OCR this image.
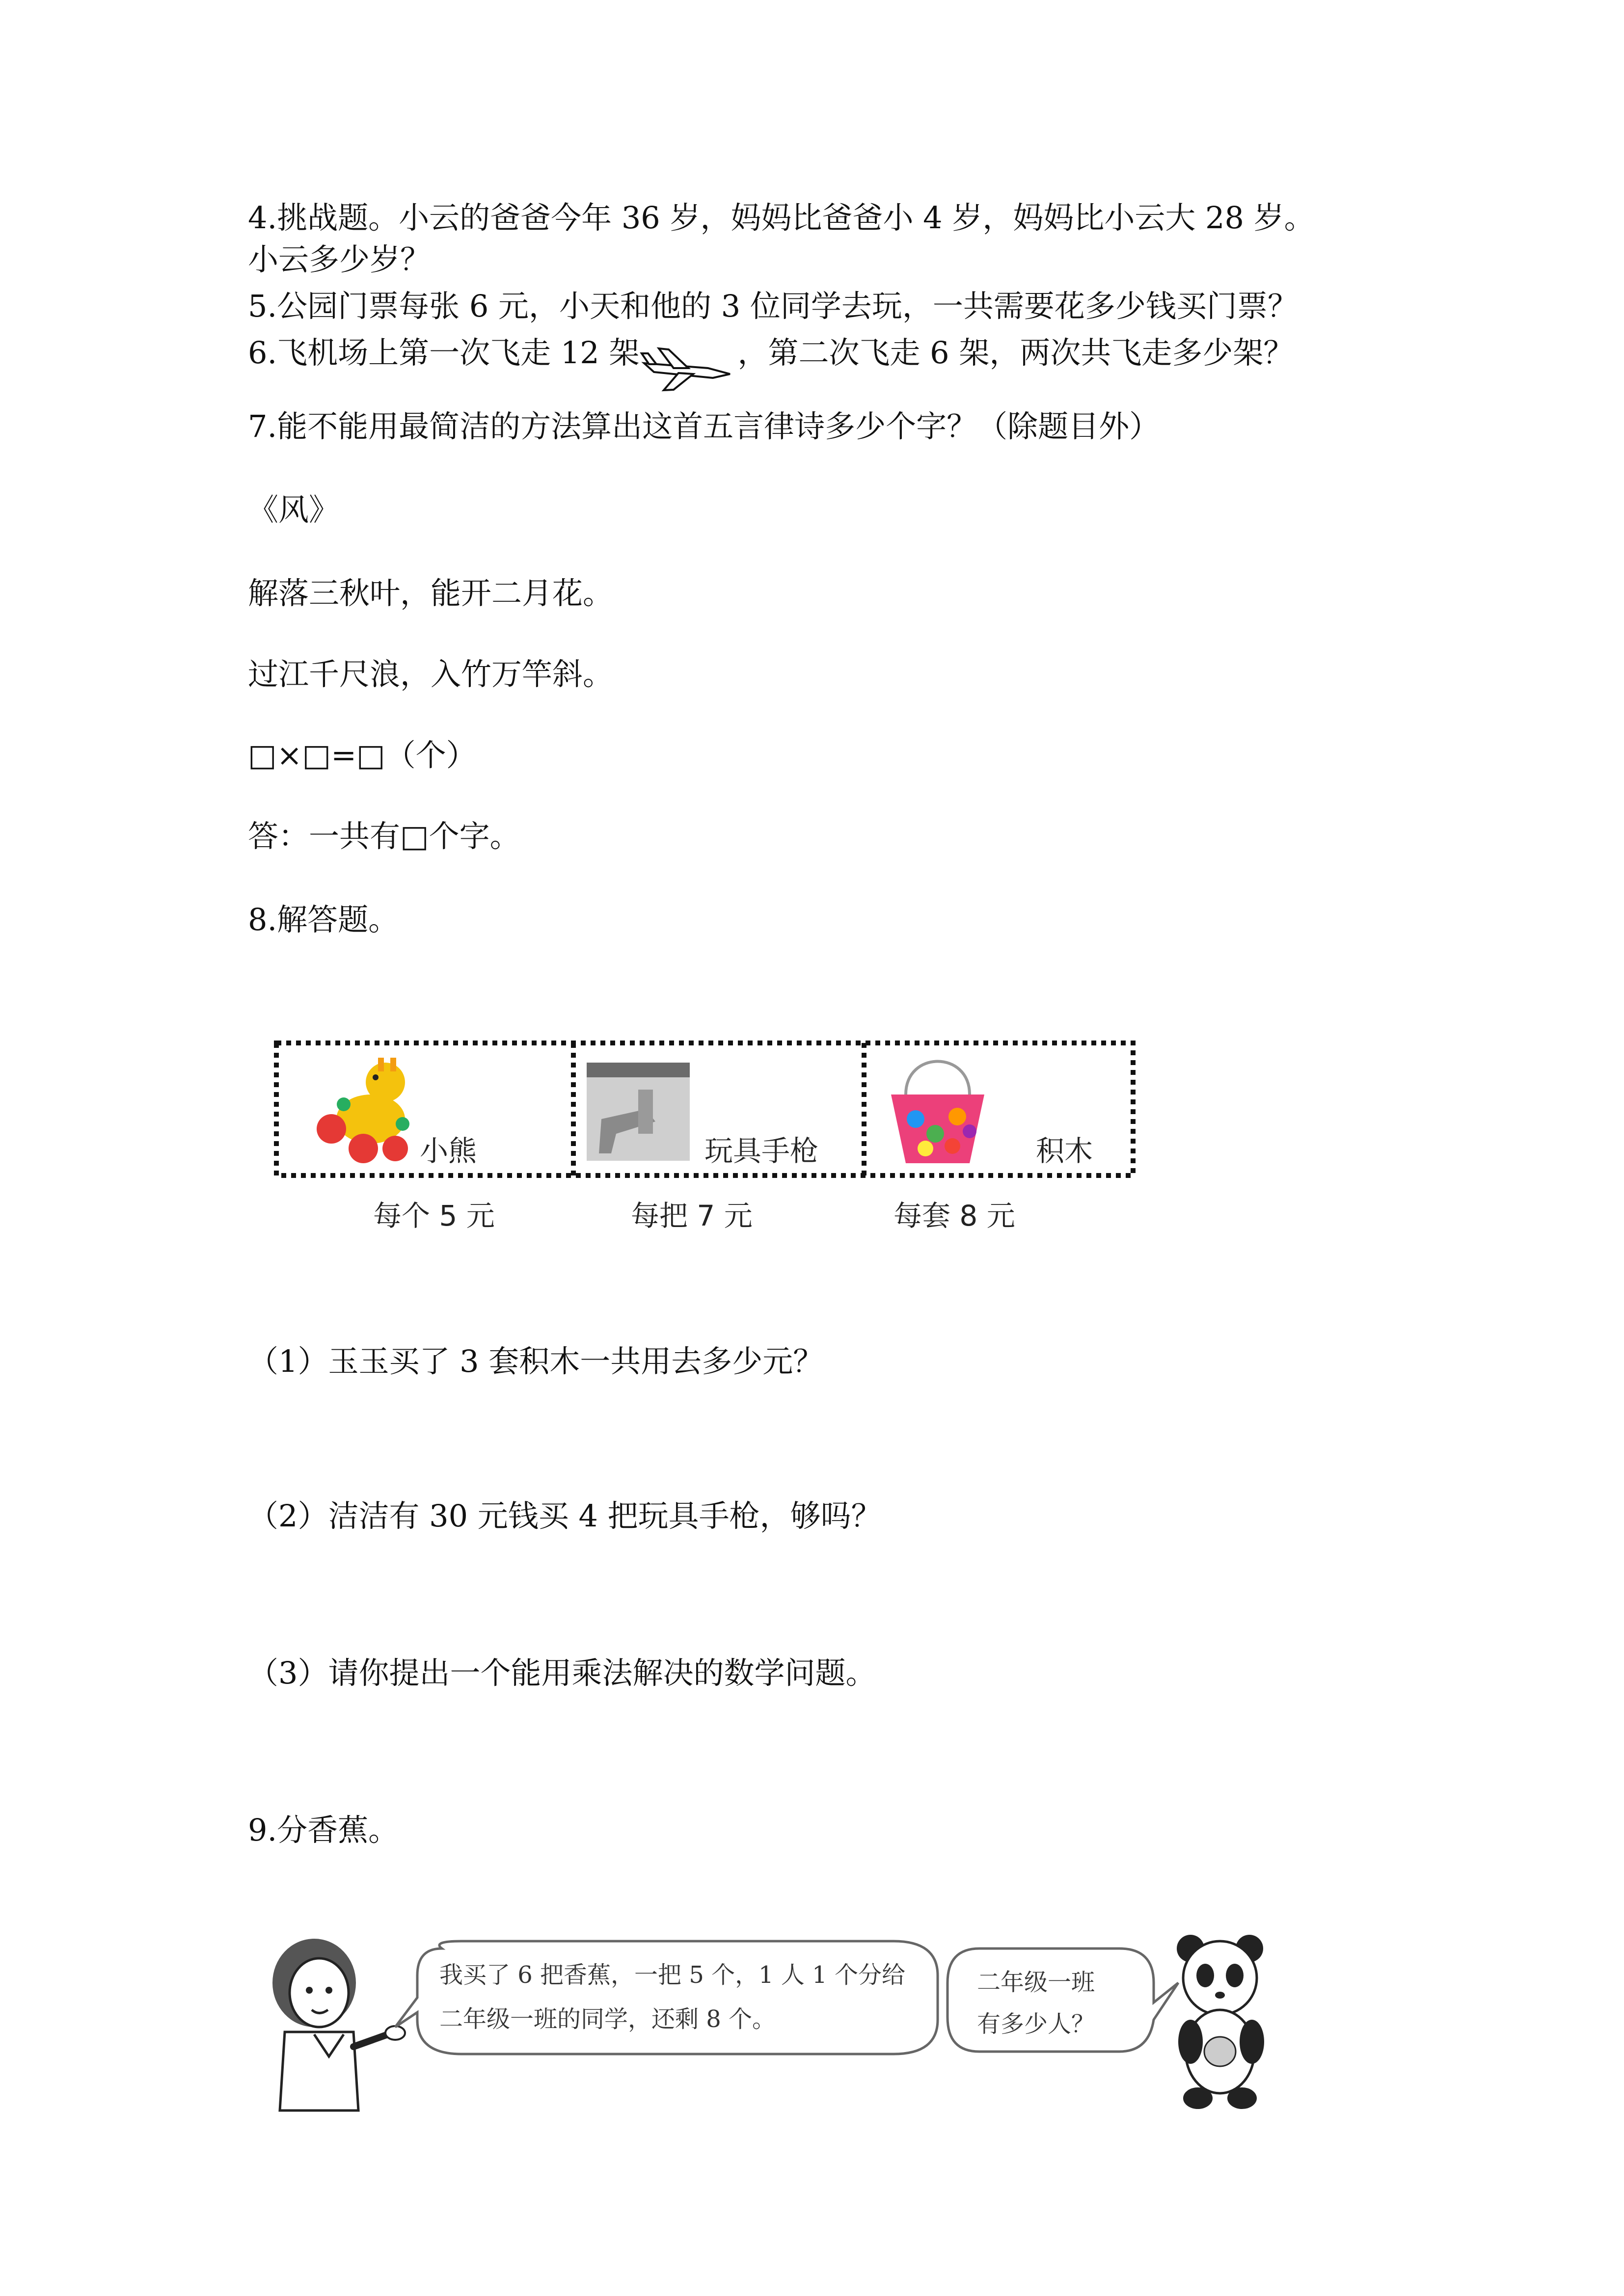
4.挑战题。小云的爸爸今年 36 岁，妈妈比爸爸小 4 岁，妈妈比小云大 28 岁。
小云多少岁？
5.公园门票每张 6 元，小天和他的 3 位同学去玩，一共需要花多少钱买门票？
6.飞机场上第一次飞走 12 架	，第二次飞走 6 架，两次共飞走多少架？
7.能不能用最简洁的方法算出这首五言律诗多少个字？（除题目外）
《风》
解落三秋叶，能开二月花。
过江千尺浪，入竹万竿斜。
□×□=□（个）
答：一共有□个字。
8.解答题。
小熊	玩具手枪	积木
每个 5 元	每把 7 元	每套 8 元
（1）玉玉买了 3 套积木一共用去多少元？
（2）洁洁有 30 元钱买 4 把玩具手枪，够吗？
（3）请你提出一个能用乘法解决的数学问题。
9.分香蕉。
我买了 6 把香蕉，一把 5 个，1 人 1 个分给
二年级一班的同学，还剩 8 个。
二年级一班
有多少人？
